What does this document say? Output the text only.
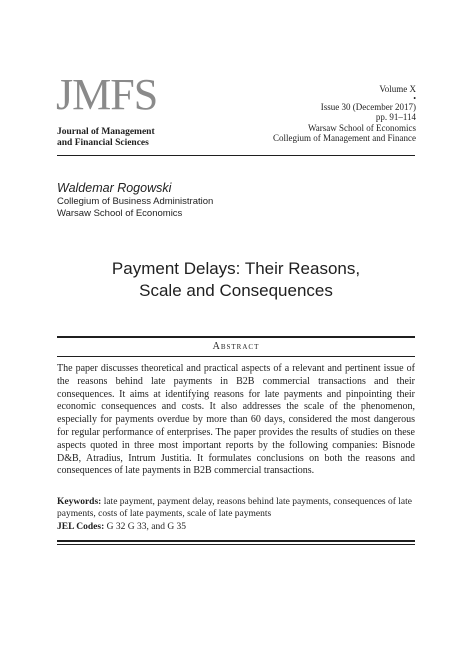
JMFS
Journal of Management
and Financial Sciences
Volume X
•
Issue 30 (December 2017)
pp. 91–114
Warsaw School of Economics
Collegium of Management and Finance
Waldemar Rogowski
Collegium of Business Administration
Warsaw School of Economics
Payment Delays: Their Reasons,
Scale and Consequences
Abstract
The paper discusses theoretical and practical aspects of a relevant and pertinent issue of the reasons behind late payments in B2B commercial transactions and their consequences. It aims at identifying reasons for late payments and pinpointing their economic consequences and costs. It also addresses the scale of the phenomenon, especially for payments overdue by more than 60 days, considered the most dangerous for regular performance of enterprises. The paper provides the results of studies on these aspects quoted in three most important reports by the following companies: Bisnode D&B, Atradius, Intrum Justitia. It formulates conclusions on both the reasons and consequences of late payments in B2B commercial transactions.
Keywords: late payment, payment delay, reasons behind late payments, consequences of late payments, costs of late payments, scale of late payments
JEL Codes: G 32 G 33, and G 35
